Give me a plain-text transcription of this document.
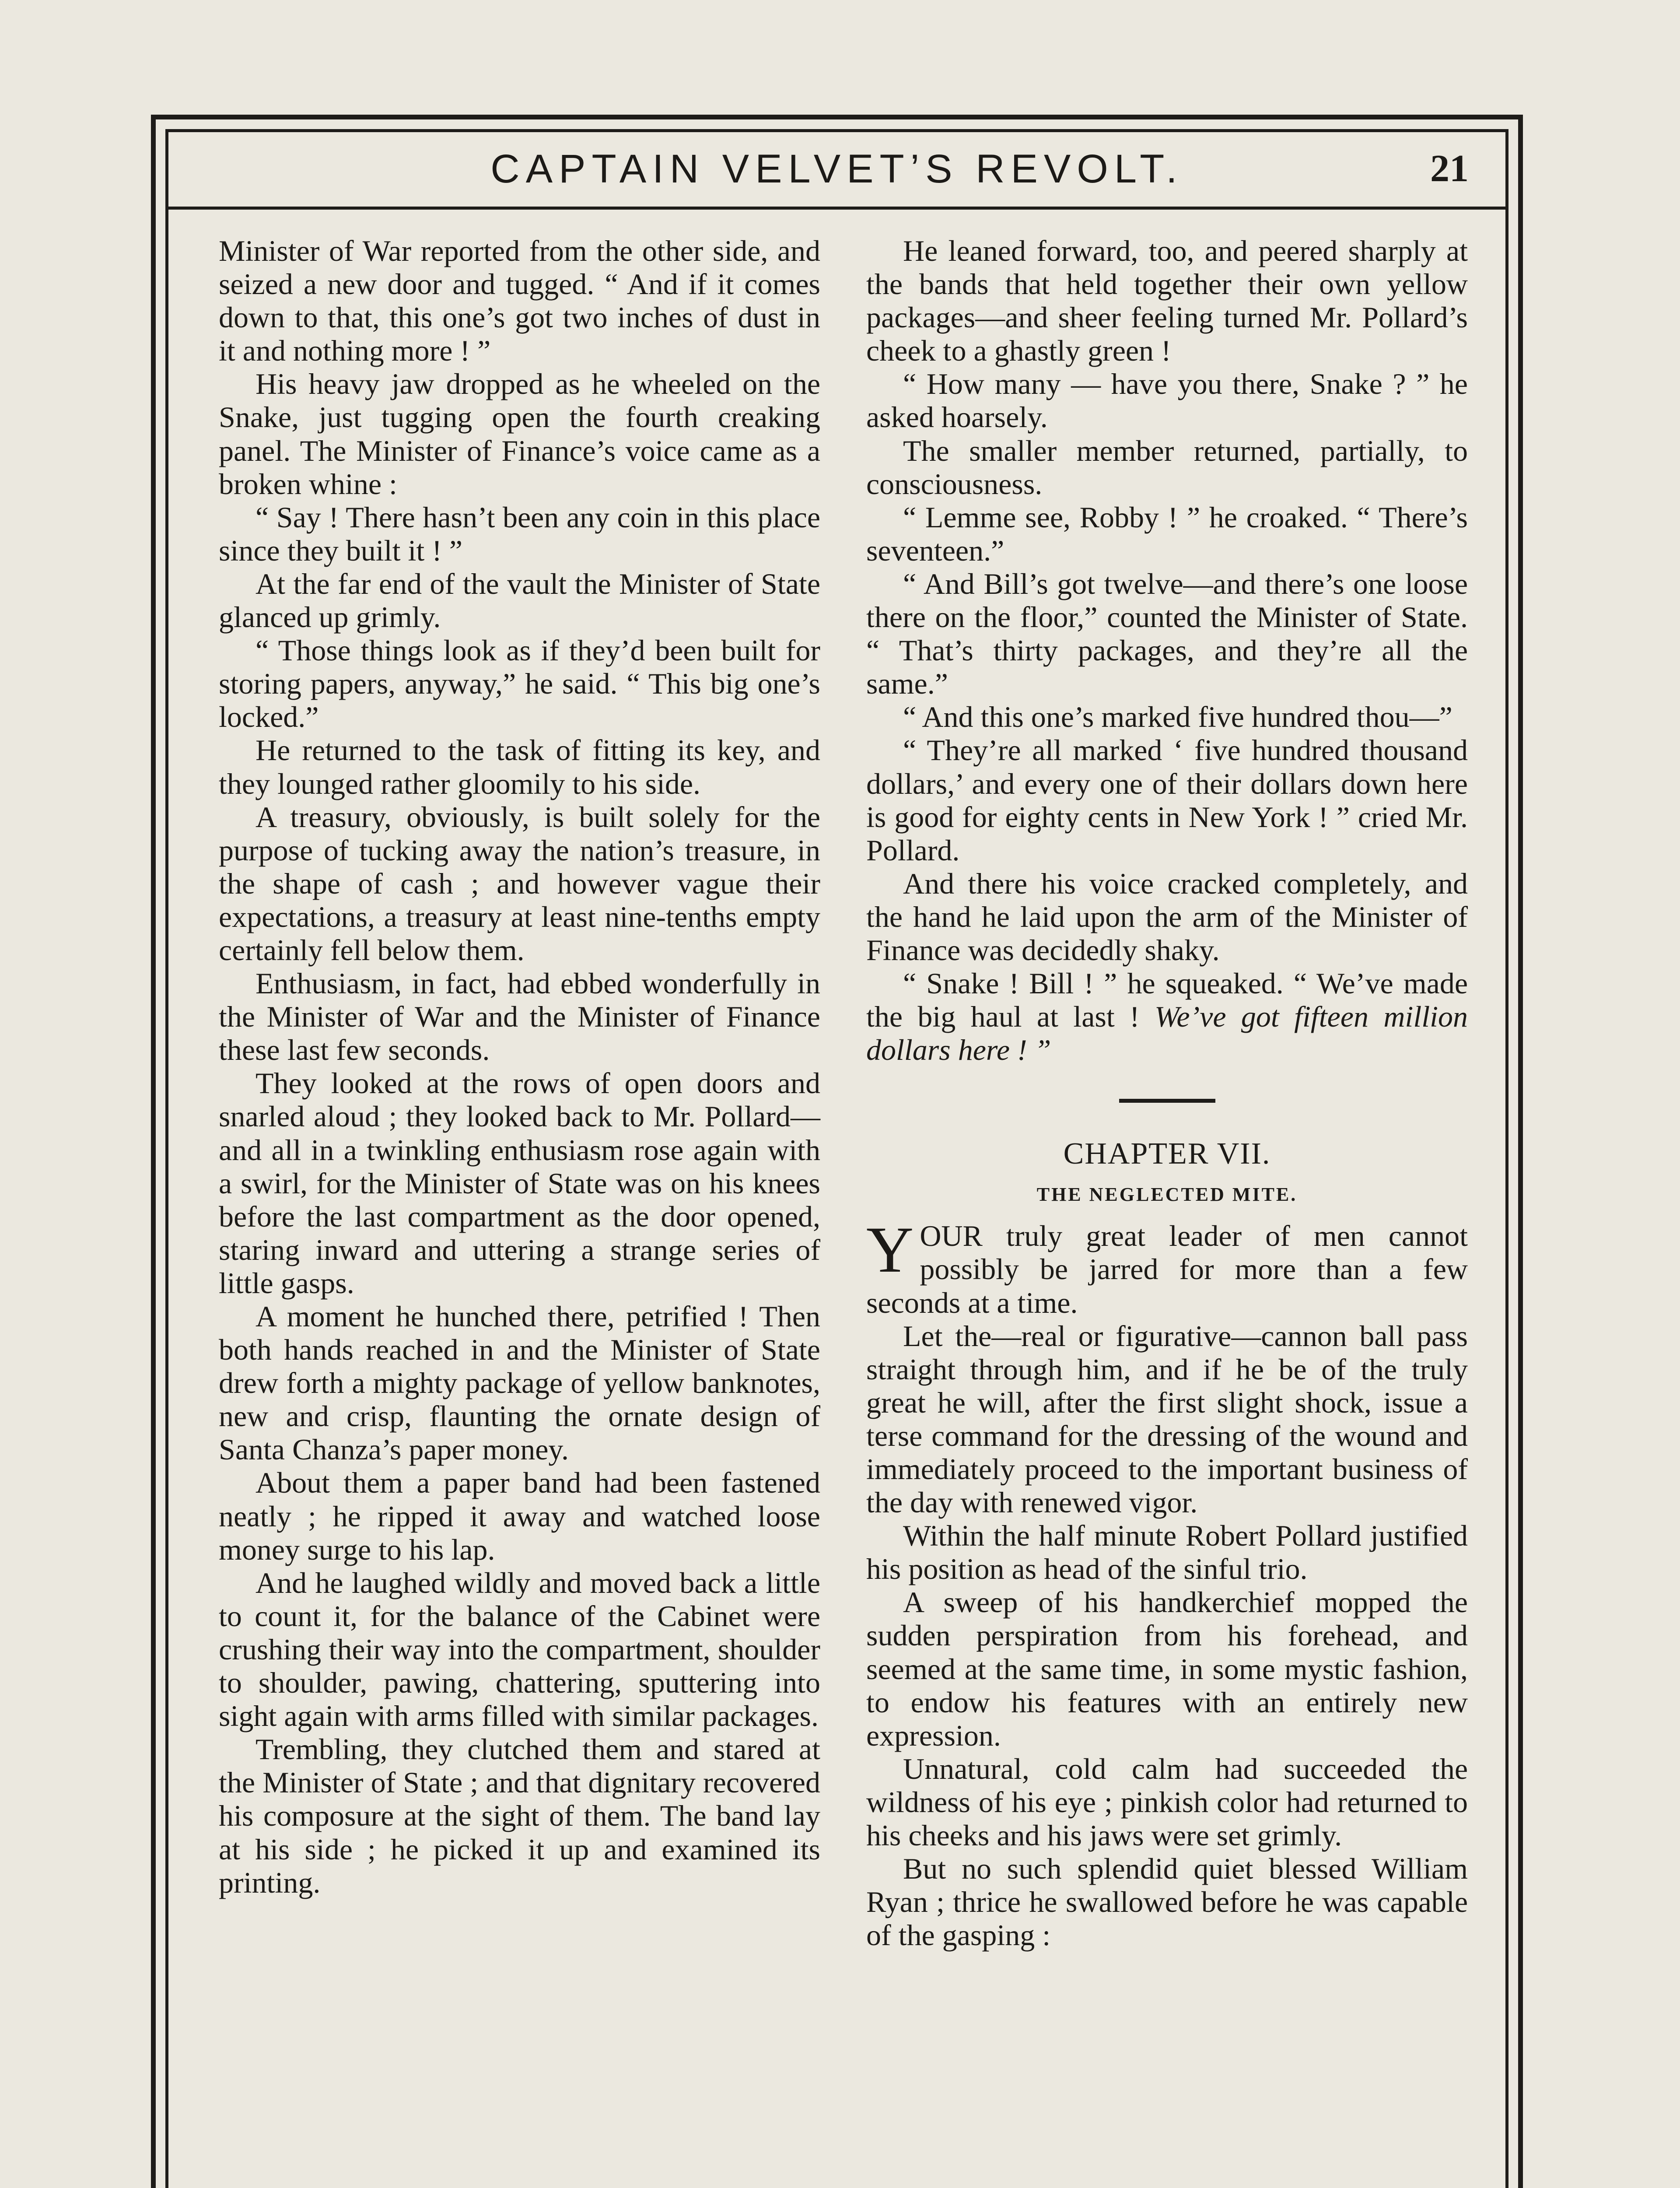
CAPTAIN VELVET’S REVOLT.	21

Minister of War reported from the other side, and seized a new door and tugged. “ And if it comes down to that, this one’s got two inches of dust in it and nothing more ! ”

His heavy jaw dropped as he wheeled on the Snake, just tugging open the fourth creaking panel. The Minister of Finance’s voice came as a broken whine :

“ Say ! There hasn’t been any coin in this place since they built it ! ”

At the far end of the vault the Minister of State glanced up grimly.

“ Those things look as if they’d been built for storing papers, anyway,” he said. “ This big one’s locked.”

He returned to the task of fitting its key, and they lounged rather gloomily to his side.

A treasury, obviously, is built solely for the purpose of tucking away the nation’s treasure, in the shape of cash ; and however vague their expectations, a treasury at least nine-tenths empty certainly fell below them.

Enthusiasm, in fact, had ebbed wonderfully in the Minister of War and the Minister of Finance these last few seconds.

They looked at the rows of open doors and snarled aloud ; they looked back to Mr. Pollard—and all in a twinkling enthusiasm rose again with a swirl, for the Minister of State was on his knees before the last compartment as the door opened, staring inward and uttering a strange series of little gasps.

A moment he hunched there, petrified ! Then both hands reached in and the Minister of State drew forth a mighty package of yellow banknotes, new and crisp, flaunting the ornate design of Santa Chanza’s paper money.

About them a paper band had been fastened neatly ; he ripped it away and watched loose money surge to his lap.

And he laughed wildly and moved back a little to count it, for the balance of the Cabinet were crushing their way into the compartment, shoulder to shoulder, pawing, chattering, sputtering into sight again with arms filled with similar packages.

Trembling, they clutched them and stared at the Minister of State ; and that dignitary recovered his composure at the sight of them. The band lay at his side ; he picked it up and examined its printing.

He leaned forward, too, and peered sharply at the bands that held together their own yellow packages—and sheer feeling turned Mr. Pollard’s cheek to a ghastly green !

“ How many — have you there, Snake ? ” he asked hoarsely.

The smaller member returned, partially, to consciousness.

“ Lemme see, Robby ! ” he croaked. “ There’s seventeen.”

“ And Bill’s got twelve—and there’s one loose there on the floor,” counted the Minister of State. “ That’s thirty packages, and they’re all the same.”

“ And this one’s marked five hundred thou—”

“ They’re all marked ‘ five hundred thousand dollars,’ and every one of their dollars down here is good for eighty cents in New York ! ” cried Mr. Pollard.

And there his voice cracked completely, and the hand he laid upon the arm of the Minister of Finance was decidedly shaky.

“ Snake ! Bill ! ” he squeaked. “ We’ve made the big haul at last ! We’ve got fifteen million dollars here ! ”

CHAPTER VII.
THE NEGLECTED MITE.

YOUR truly great leader of men cannot possibly be jarred for more than a few seconds at a time.

Let the—real or figurative—cannon ball pass straight through him, and if he be of the truly great he will, after the first slight shock, issue a terse command for the dressing of the wound and immediately proceed to the important business of the day with renewed vigor.

Within the half minute Robert Pollard justified his position as head of the sinful trio.

A sweep of his handkerchief mopped the sudden perspiration from his forehead, and seemed at the same time, in some mystic fashion, to endow his features with an entirely new expression.

Unnatural, cold calm had succeeded the wildness of his eye ; pinkish color had returned to his cheeks and his jaws were set grimly.

But no such splendid quiet blessed William Ryan ; thrice he swallowed before he was capable of the gasping :
